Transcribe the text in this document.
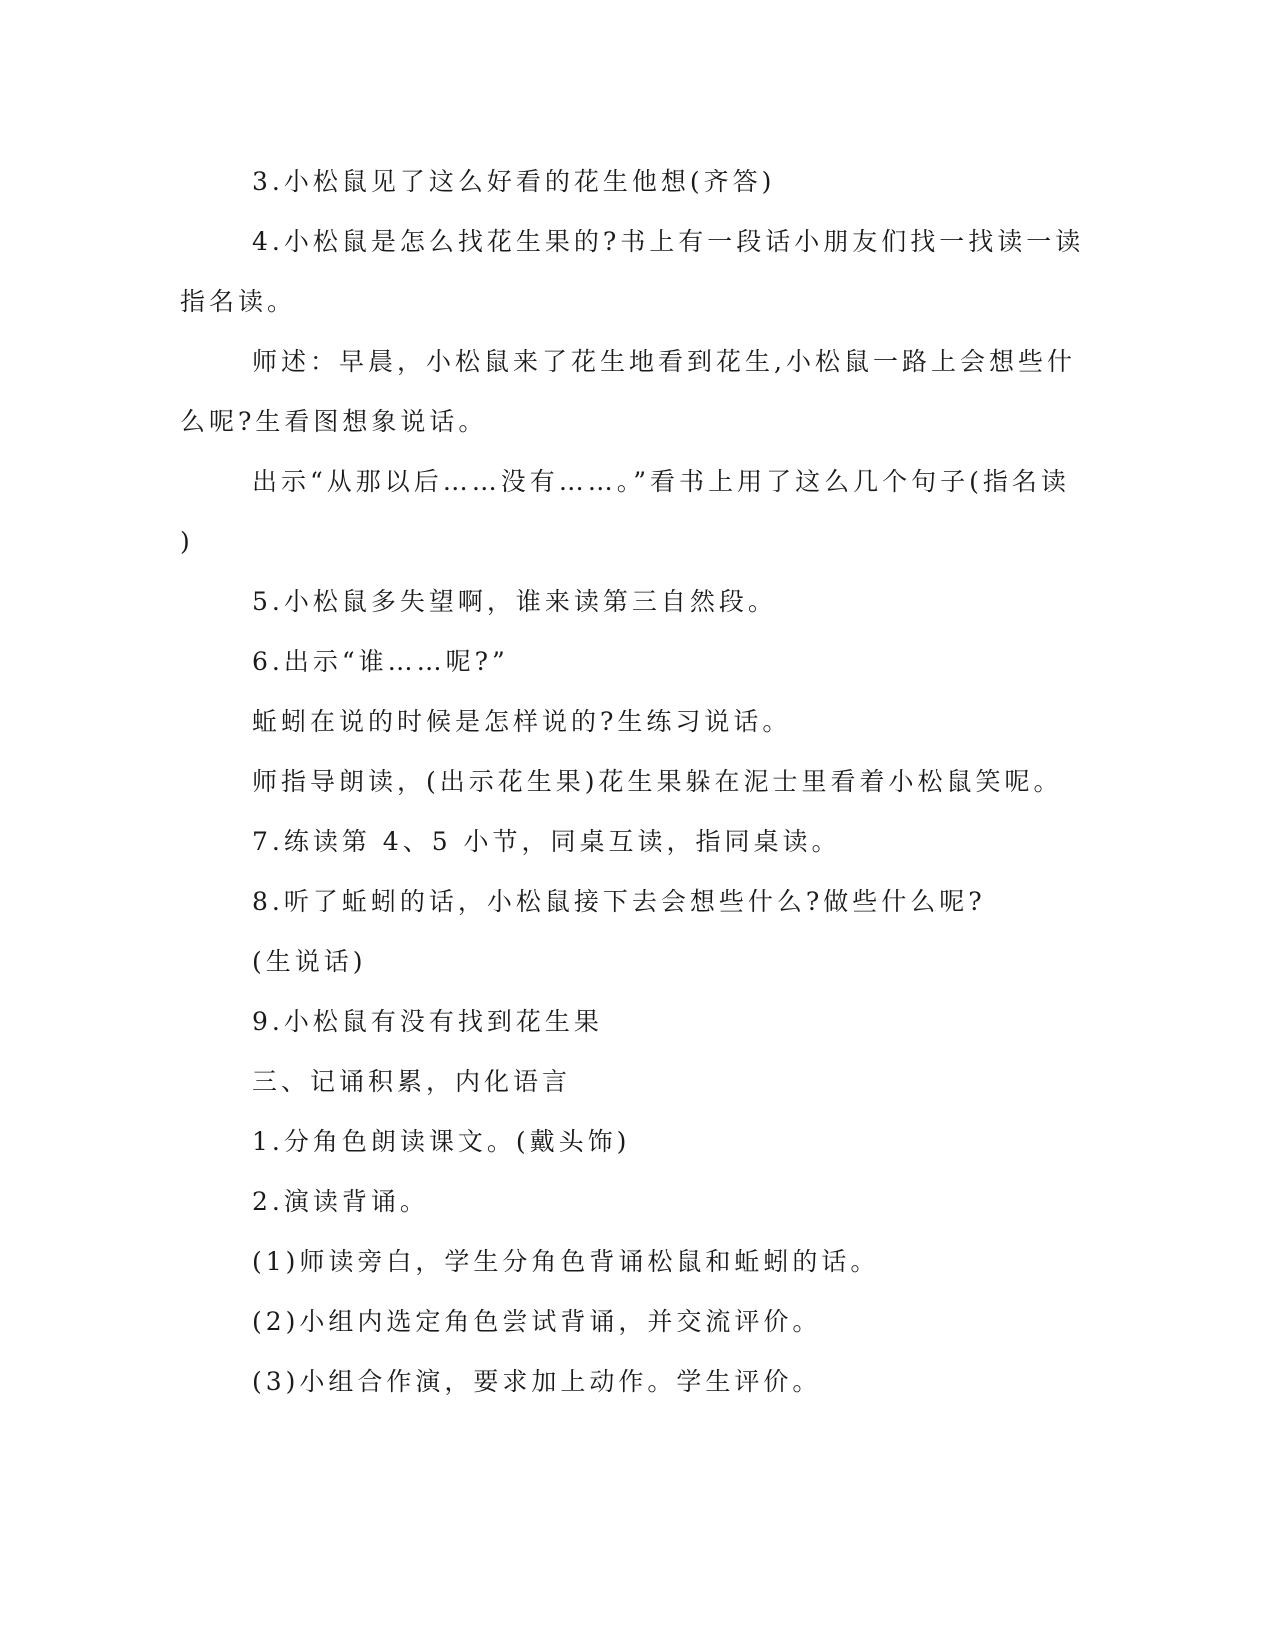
3.小松鼠见了这么好看的花生他想(齐答)
4.小松鼠是怎么找花生果的?书上有一段话小朋友们找一找读一读
指名读。
师述：早晨，小松鼠来了花生地看到花生,小松鼠一路上会想些什
么呢?生看图想象说话。
出示“从那以后……没有……。”看书上用了这么几个句子(指名读
)
5.小松鼠多失望啊，谁来读第三自然段。
6.出示“谁……呢?”
蚯蚓在说的时候是怎样说的?生练习说话。
师指导朗读，(出示花生果)花生果躲在泥士里看着小松鼠笑呢。
7.练读第 4、5 小节，同桌互读，指同桌读。
8.听了蚯蚓的话，小松鼠接下去会想些什么?做些什么呢?
(生说话)
9.小松鼠有没有找到花生果
三、记诵积累，内化语言
1.分角色朗读课文。(戴头饰)
2.演读背诵。
(1)师读旁白，学生分角色背诵松鼠和蚯蚓的话。
(2)小组内选定角色尝试背诵，并交流评价。
(3)小组合作演，要求加上动作。学生评价。
